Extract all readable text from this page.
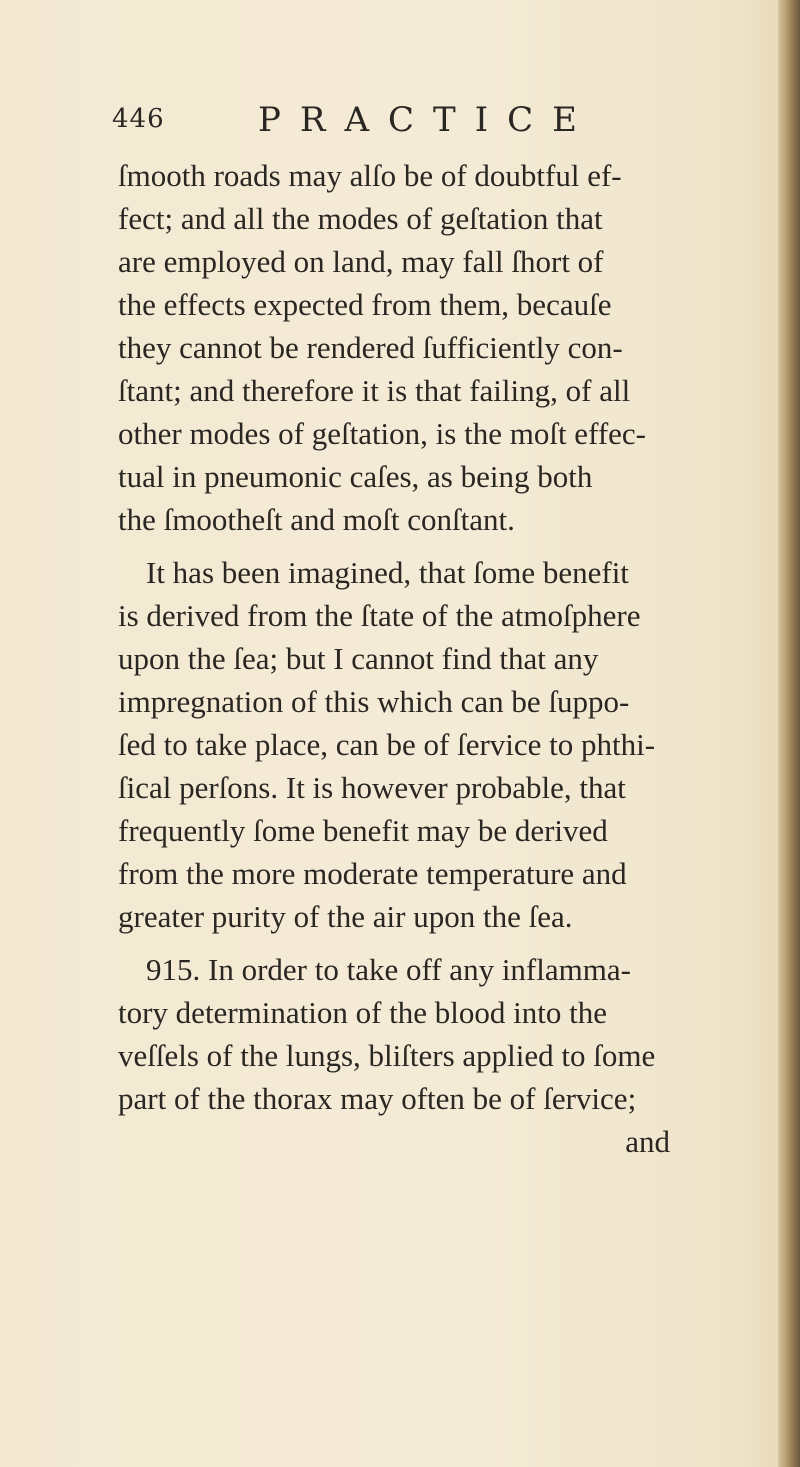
446	PRACTICE
ſmooth roads may alſo be of doubtful ef-
fect; and all the modes of geſtation that
are employed on land, may fall ſhort of
the effects expected from them, becauſe
they cannot be rendered ſufficiently con-
ſtant; and therefore it is that failing, of all
other modes of geſtation, is the moſt effec-
tual in pneumonic caſes, as being both
the ſmootheſt and moſt conſtant.
It has been imagined, that ſome benefit
is derived from the ſtate of the atmoſphere
upon the ſea; but I cannot find that any
impregnation of this which can be ſuppo-
ſed to take place, can be of ſervice to phthi-
ſical perſons. It is however probable, that
frequently ſome benefit may be derived
from the more moderate temperature and
greater purity of the air upon the ſea.
915. In order to take off any inflamma-
tory determination of the blood into the
veſſels of the lungs, bliſters applied to ſome
part of the thorax may often be of ſervice;
and
